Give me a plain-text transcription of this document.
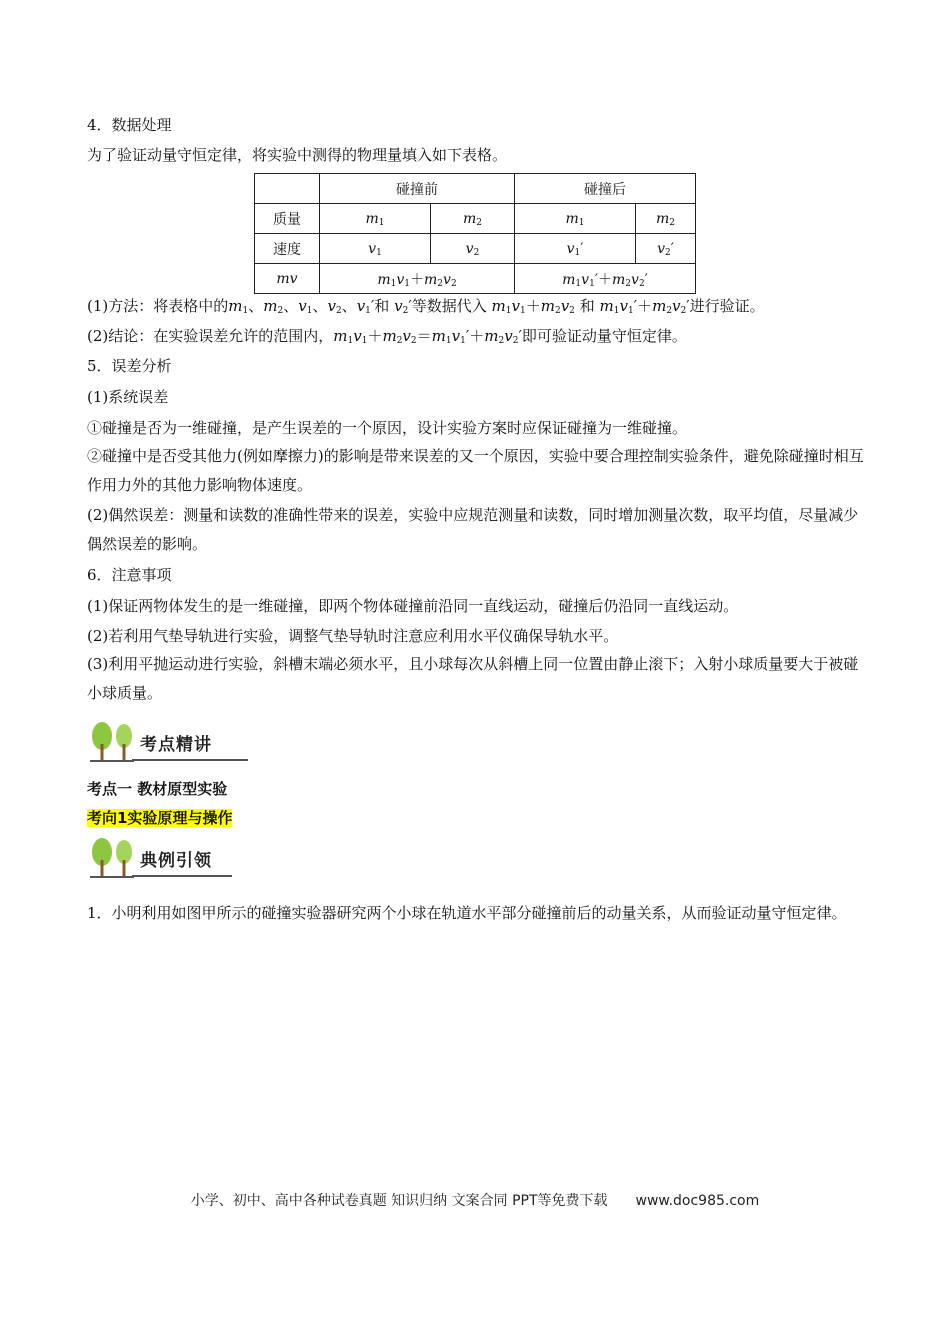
4．数据处理
为了验证动量守恒定律，将实验中测得的物理量填入如下表格。
	碰撞前		碰撞后	
质量	$m_1$	$m_2$	$m_1$	$m_2$
速度	$v_1$	$v_2$	$v_1'$	$v_2'$
mv	$m_1v_1+m_2v_2$		$m_1v_1'+m_2v_2'$	
(1)方法：将表格中的$m_1$、$m_2$、$v_1$、$v_2$、$v_1'$和 $v_2'$等数据代入 $m_1v_1+m_2v_2$ 和 $m_1v_1'+m_2v_2'$进行验证。
(2)结论：在实验误差允许的范围内，$m_1v_1+m_2v_2=m_1v_1'+m_2v_2'$即可验证动量守恒定律。
5．误差分析
(1)系统误差
①碰撞是否为一维碰撞，是产生误差的一个原因，设计实验方案时应保证碰撞为一维碰撞。
②碰撞中是否受其他力(例如摩擦力)的影响是带来误差的又一个原因，实验中要合理控制实验条件，避免除碰撞时相互作用力外的其他力影响物体速度。
(2)偶然误差：测量和读数的准确性带来的误差，实验中应规范测量和读数，同时增加测量次数，取平均值，尽量减少偶然误差的影响。
6．注意事项
(1)保证两物体发生的是一维碰撞，即两个物体碰撞前沿同一直线运动，碰撞后仍沿同一直线运动。
(2)若利用气垫导轨进行实验，调整气垫导轨时注意应利用水平仪确保导轨水平。
(3)利用平抛运动进行实验，斜槽末端必须水平，且小球每次从斜槽上同一位置由静止滚下；入射小球质量要大于被碰小球质量。
考点精讲
考点一 教材原型实验
考向1实验原理与操作
典例引领
1．小明利用如图甲所示的碰撞实验器研究两个小球在轨道水平部分碰撞前后的动量关系，从而验证动量守恒定律。
小学、初中、高中各种试卷真题 知识归纳 文案合同 PPT等免费下载 www.doc985.com
